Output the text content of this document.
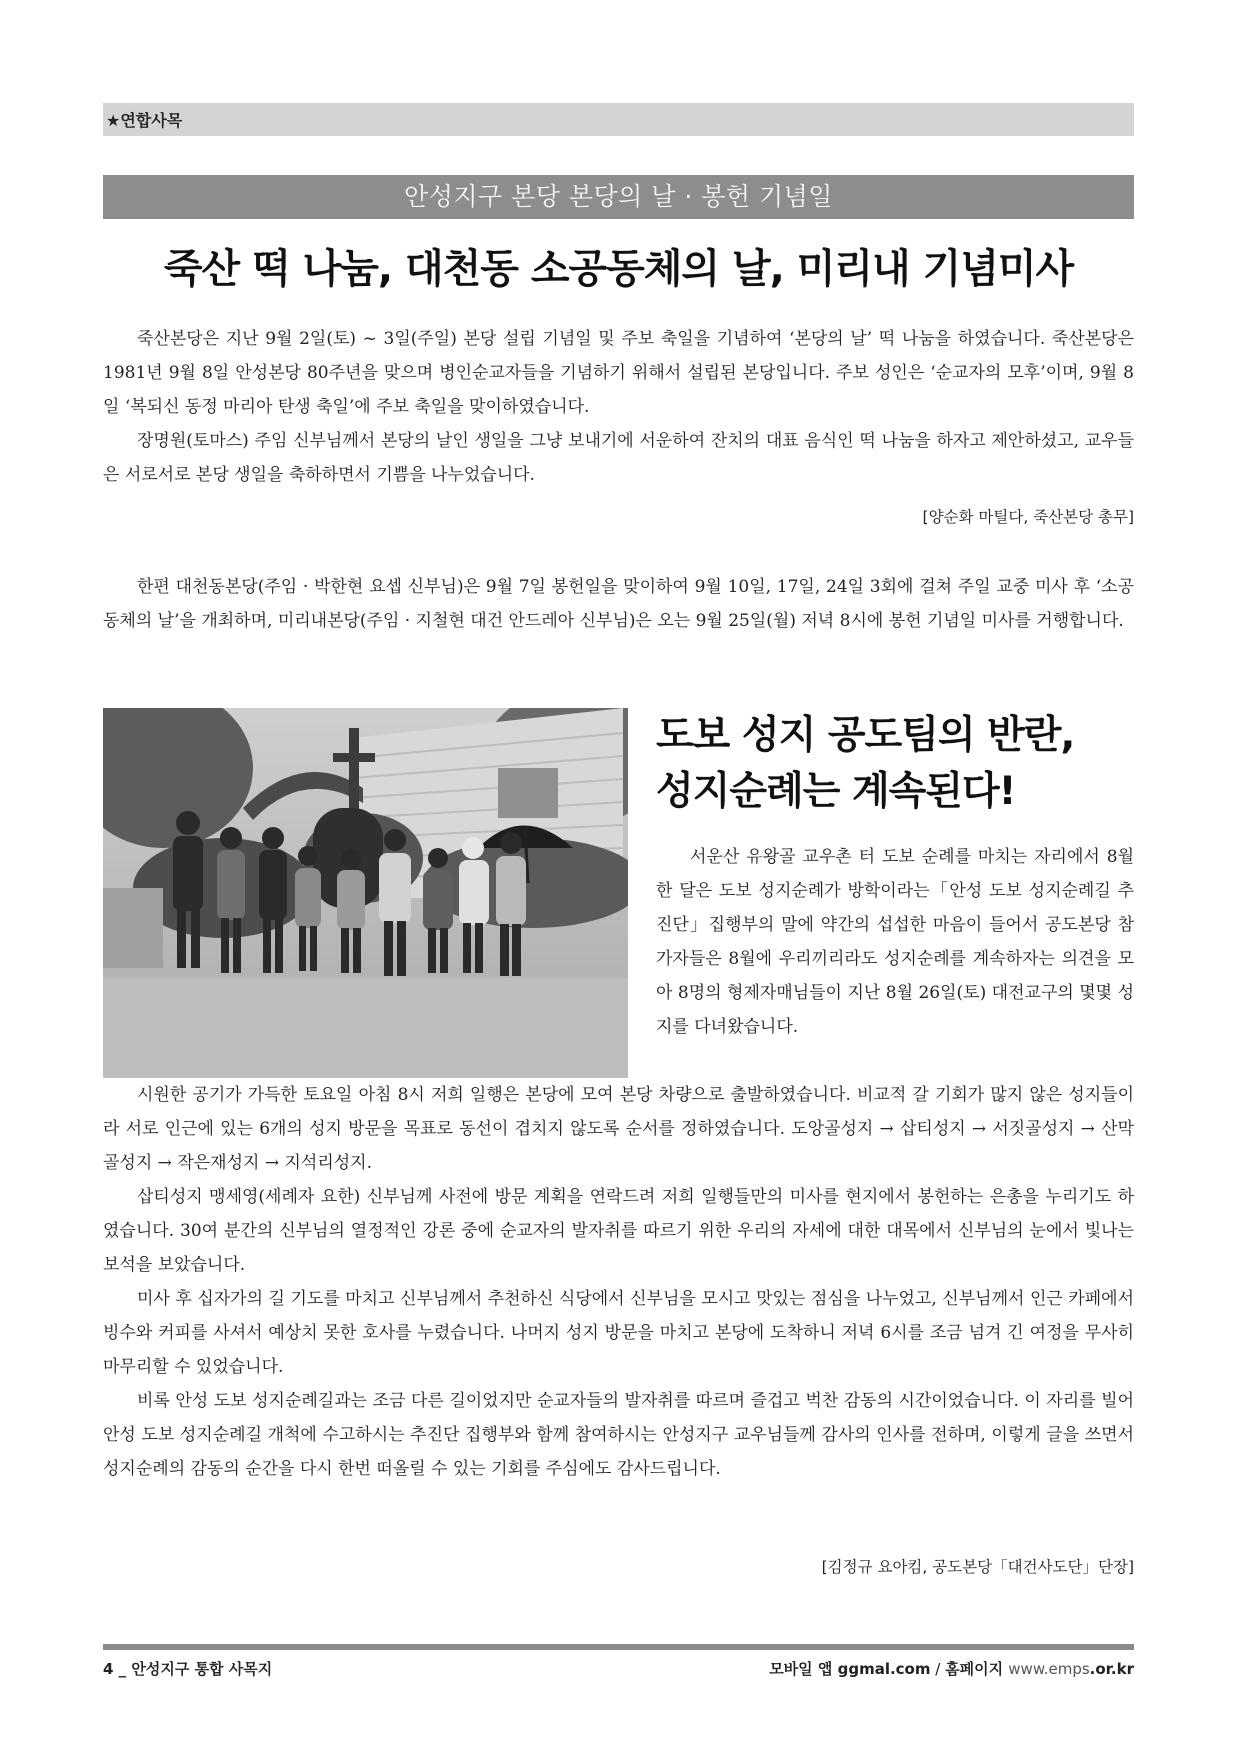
★연합사목
안성지구 본당 본당의 날 · 봉헌 기념일
죽산 떡 나눔, 대천동 소공동체의 날, 미리내 기념미사

죽산본당은 지난 9월 2일(토) ~ 3일(주일) 본당 설립 기념일 및 주보 축일을 기념하여 ‘본당의 날’ 떡 나눔을 하였습니다. 죽산본당은 1981년 9월 8일 안성본당 80주년을 맞으며 병인순교자들을 기념하기 위해서 설립된 본당입니다. 주보 성인은 ‘순교자의 모후’이며, 9월 8일 ‘복되신 동정 마리아 탄생 축일’에 주보 축일을 맞이하였습니다.

장명원(토마스) 주임 신부님께서 본당의 날인 생일을 그냥 보내기에 서운하여 잔치의 대표 음식인 떡 나눔을 하자고 제안하셨고, 교우들은 서로서로 본당 생일을 축하하면서 기쁨을 나누었습니다.

[양순화 마틸다, 죽산본당 총무]

한편 대천동본당(주임 · 박한현 요셉 신부님)은 9월 7일 봉헌일을 맞이하여 9월 10일, 17일, 24일 3회에 걸쳐 주일 교중 미사 후 ‘소공동체의 날’을 개최하며, 미리내본당(주임 · 지철현 대건 안드레아 신부님)은 오는 9월 25일(월) 저녁 8시에 봉헌 기념일 미사를 거행합니다.

도보 성지 공도팀의 반란,
성지순례는 계속된다!

서운산 유왕골 교우촌 터 도보 순례를 마치는 자리에서 8월 한 달은 도보 성지순례가 방학이라는「안성 도보 성지순례길 추진단」집행부의 말에 약간의 섭섭한 마음이 들어서 공도본당 참가자들은 8월에 우리끼리라도 성지순례를 계속하자는 의견을 모아 8명의 형제자매님들이 지난 8월 26일(토) 대전교구의 몇몇 성지를 다녀왔습니다.

시원한 공기가 가득한 토요일 아침 8시 저희 일행은 본당에 모여 본당 차량으로 출발하였습니다. 비교적 갈 기회가 많지 않은 성지들이라 서로 인근에 있는 6개의 성지 방문을 목표로 동선이 겹치지 않도록 순서를 정하였습니다. 도앙골성지 → 삽티성지 → 서짓골성지 → 산막골성지 → 작은재성지 → 지석리성지.

삽티성지 맹세영(세례자 요한) 신부님께 사전에 방문 계획을 연락드려 저희 일행들만의 미사를 현지에서 봉헌하는 은총을 누리기도 하였습니다. 30여 분간의 신부님의 열정적인 강론 중에 순교자의 발자취를 따르기 위한 우리의 자세에 대한 대목에서 신부님의 눈에서 빛나는 보석을 보았습니다.

미사 후 십자가의 길 기도를 마치고 신부님께서 추천하신 식당에서 신부님을 모시고 맛있는 점심을 나누었고, 신부님께서 인근 카페에서 빙수와 커피를 사셔서 예상치 못한 호사를 누렸습니다. 나머지 성지 방문을 마치고 본당에 도착하니 저녁 6시를 조금 넘겨 긴 여정을 무사히 마무리할 수 있었습니다.

비록 안성 도보 성지순례길과는 조금 다른 길이었지만 순교자들의 발자취를 따르며 즐겁고 벅찬 감동의 시간이었습니다. 이 자리를 빌어 안성 도보 성지순례길 개척에 수고하시는 추진단 집행부와 함께 참여하시는 안성지구 교우님들께 감사의 인사를 전하며, 이렇게 글을 쓰면서 성지순례의 감동의 순간을 다시 한번 떠올릴 수 있는 기회를 주심에도 감사드립니다.

[김정규 요아킴, 공도본당「대건사도단」단장]
4 _ 안성지구 통합 사목지	모바일 앱 ggmal.com / 홈페이지 www.emps.or.kr
